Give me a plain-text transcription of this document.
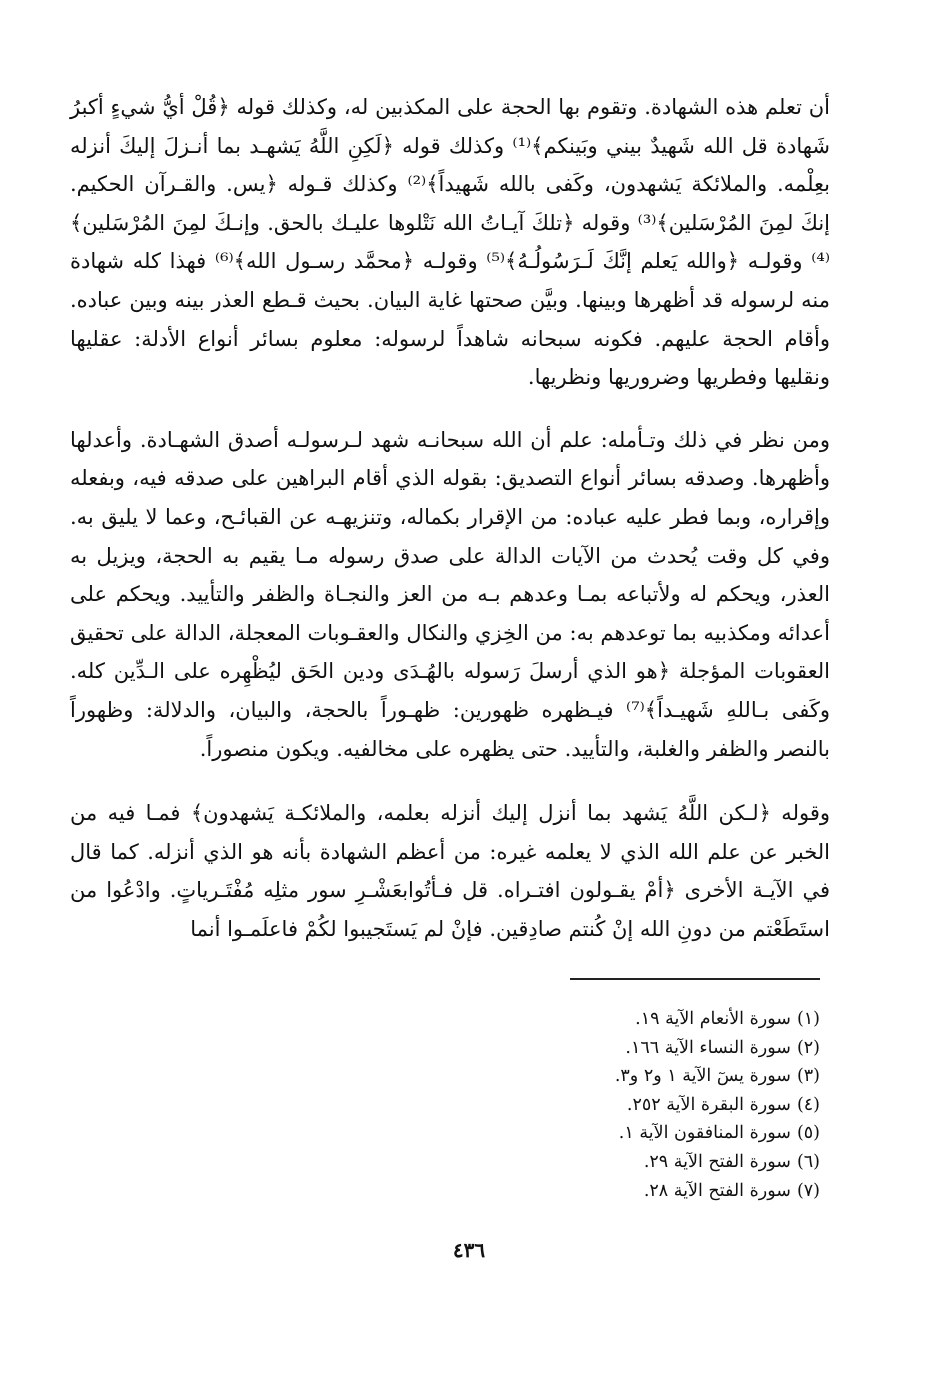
أن تعلم هذه الشهادة. وتقوم بها الحجة على المكذبين له، وكذلك قوله ﴿قُلْ أيُّ شيءٍ أكبرُ شَهادة قل الله شَهيدٌ بيني وبَينكم﴾⁽¹⁾ وكذلك قوله ﴿لَكِنِ اللَّهُ يَشهـد بما أنـزلَ إليكَ أنزله بعِلْمه. والملائكة يَشهدون، وكَفى بالله شَهيداً﴾⁽²⁾ وكذلك قـوله ﴿يس. والقـرآن الحكيم. إنكَ لمِنَ المُرْسَلين﴾⁽³⁾ وقوله ﴿تلكَ آيـاتُ الله نَتْلوها عليـك بالحق. وإنـكَ لمِنَ المُرْسَلين﴾⁽⁴⁾ وقولـه ﴿والله يَعلم إنَّكَ لَـرَسُولُـهُ﴾⁽⁵⁾ وقولـه ﴿محمَّد رسـول الله﴾⁽⁶⁾ فهذا كله شهادة منه لرسوله قد أظهرها وبينها. وبيَّن صحتها غاية البيان. بحيث قـطع العذر بينه وبين عباده. وأقام الحجة عليهم. فكونه سبحانه شاهداً لرسوله: معلوم بسائر أنواع الأدلة: عقليها ونقليها وفطريها وضروريها ونظريها.

ومن نظر في ذلك وتـأمله: علم أن الله سبحانـه شهد لـرسولـه أصدق الشهـادة. وأعدلها وأظهرها. وصدقه بسائر أنواع التصديق: بقوله الذي أقام البراهين على صدقه فيه، وبفعله وإقراره، وبما فطر عليه عباده: من الإقرار بكماله، وتنزيهـه عن القبائـح، وعما لا يليق به. وفي كل وقت يُحدث من الآيات الدالة على صدق رسوله مـا يقيم به الحجة، ويزيل به العذر، ويحكم له ولأتباعه بمـا وعدهم بـه من العز والنجـاة والظفر والتأييد. ويحكم على أعدائه ومكذبيه بما توعدهم به: من الخِزي والنكال والعقـوبات المعجلة، الدالة على تحقيق العقوبات المؤجلة ﴿هو الذي أرسلَ رَسوله بالهُـدَى ودين الحَق ليُظْهِره على الـدِّين كله. وكَفى بـاللهِ شَهيـداً﴾⁽⁷⁾ فيـظهره ظهورين: ظهـوراً بالحجة، والبيان، والدلالة: وظهوراً بالنصر والظفر والغلبة، والتأييد. حتى يظهره على مخالفيه. ويكون منصوراً.

وقوله ﴿لـكن اللَّهُ يَشهد بما أنزل إليك أنزله بعلمه، والملائكـة يَشهدون﴾ فمـا فيه من الخبر عن علم الله الذي لا يعلمه غيره: من أعظم الشهادة بأنه هو الذي أنزله. كما قال في الآيـة الأخرى ﴿أمْ يقـولون افتـراه. قل فـأتُوابعَشْـرِ سور مثلِه مُفْتَـرياتٍ. وادْعُوا من استَطَعْتم من دونِ الله إنْ كُنتم صادِقين. فإنْ لم يَستَجيبوا لكُمْ فاعلَمـوا أنما

(١)سورة الأنعام الآية ١٩.
(٢)سورة النساء الآية ١٦٦.
(٣)سورة يسٓ الآية ١ و٢ و٣.
(٤)سورة البقرة الآية ٢٥٢.
(٥)سورة المنافقون الآية ١.
(٦)سورة الفتح الآية ٢٩.
(٧)سورة الفتح الآية ٢٨.
٤٣٦
